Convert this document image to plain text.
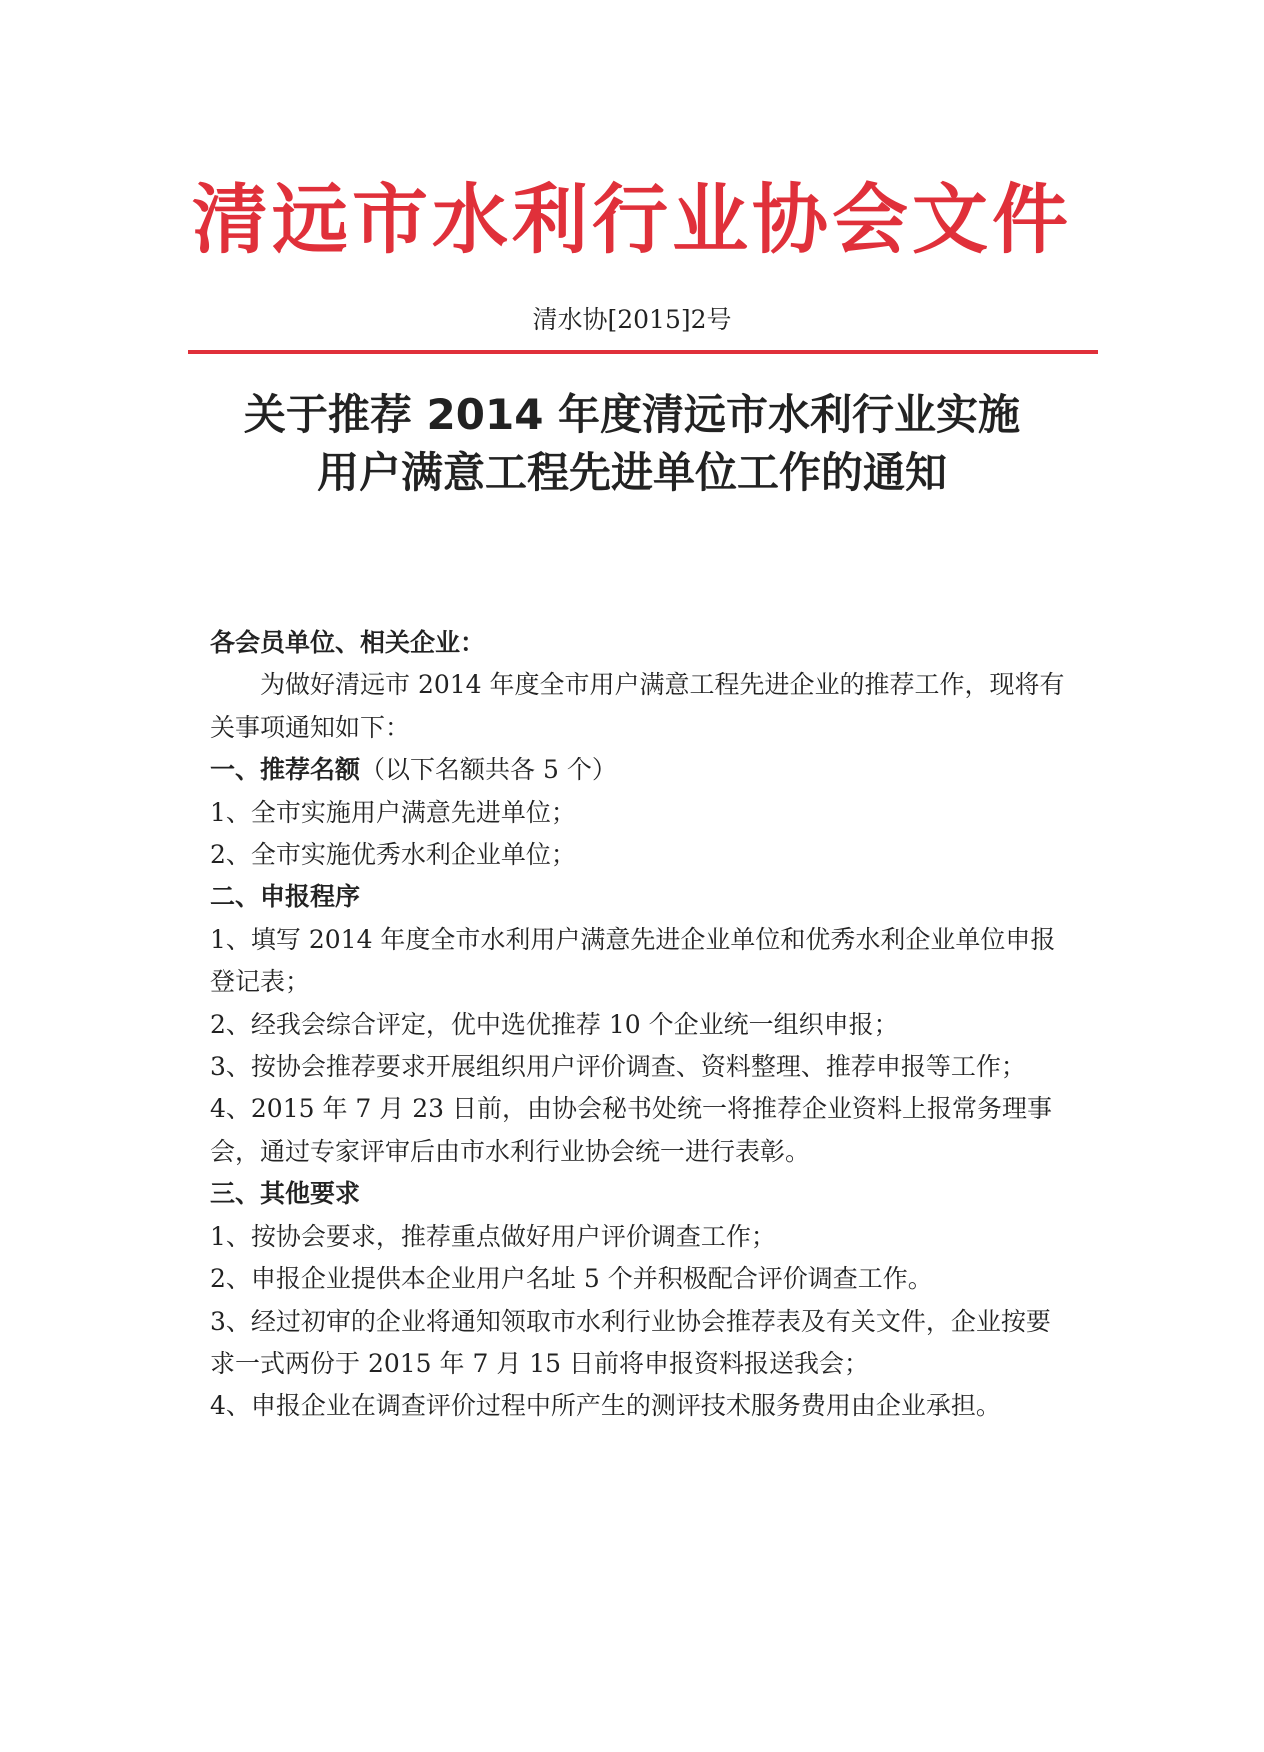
清远市水利行业协会文件
清水协[2015]2号
关于推荐 2014 年度清远市水利行业实施
用户满意工程先进单位工作的通知

各会员单位、相关企业：

为做好清远市 2014 年度全市用户满意工程先进企业的推荐工作，现将有关事项通知如下：

一、推荐名额（以下名额共各 5 个）

1、全市实施用户满意先进单位；

2、全市实施优秀水利企业单位；

二、申报程序

1、填写 2014 年度全市水利用户满意先进企业单位和优秀水利企业单位申报登记表；

2、经我会综合评定，优中选优推荐 10 个企业统一组织申报；

3、按协会推荐要求开展组织用户评价调查、资料整理、推荐申报等工作；

4、2015 年 7 月 23 日前，由协会秘书处统一将推荐企业资料上报常务理事会，通过专家评审后由市水利行业协会统一进行表彰。

三、其他要求

1、按协会要求，推荐重点做好用户评价调查工作；

2、申报企业提供本企业用户名址 5 个并积极配合评价调查工作。

3、经过初审的企业将通知领取市水利行业协会推荐表及有关文件，企业按要求一式两份于 2015 年 7 月 15 日前将申报资料报送我会；

4、申报企业在调查评价过程中所产生的测评技术服务费用由企业承担。
